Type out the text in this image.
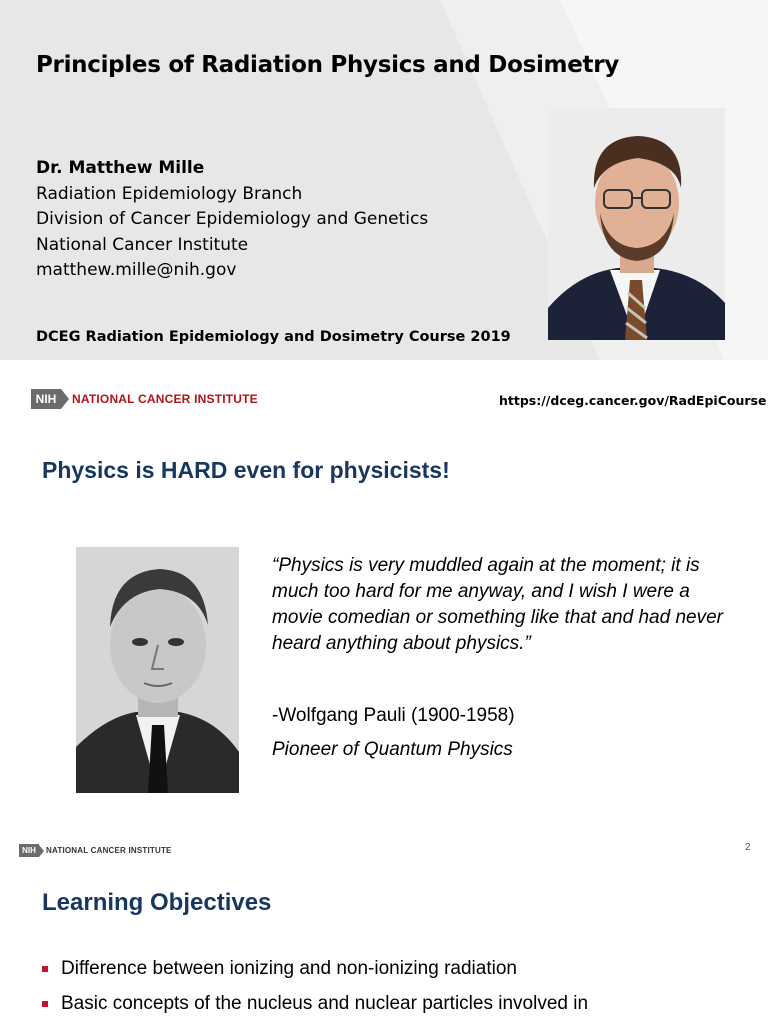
Principles of Radiation Physics and Dosimetry
Dr. Matthew Mille
Radiation Epidemiology Branch
Division of Cancer Epidemiology and Genetics
National Cancer Institute
matthew.mille@nih.gov
DCEG Radiation Epidemiology and Dosimetry Course 2019
NIH	NATIONAL CANCER INSTITUTE	https://dceg.cancer.gov/RadEpiCourse
Physics is HARD even for physicists!
“Physics is very muddled again at the moment; it is much too hard for me anyway, and I wish I were a movie comedian or something like that and had never heard anything about physics.”
-Wolfgang Pauli (1900-1958)
Pioneer of Quantum Physics
NIH	NATIONAL CANCER INSTITUTE	2
Learning Objectives
Difference between ionizing and non-ionizing radiation
Basic concepts of the nucleus and nuclear particles involved in
